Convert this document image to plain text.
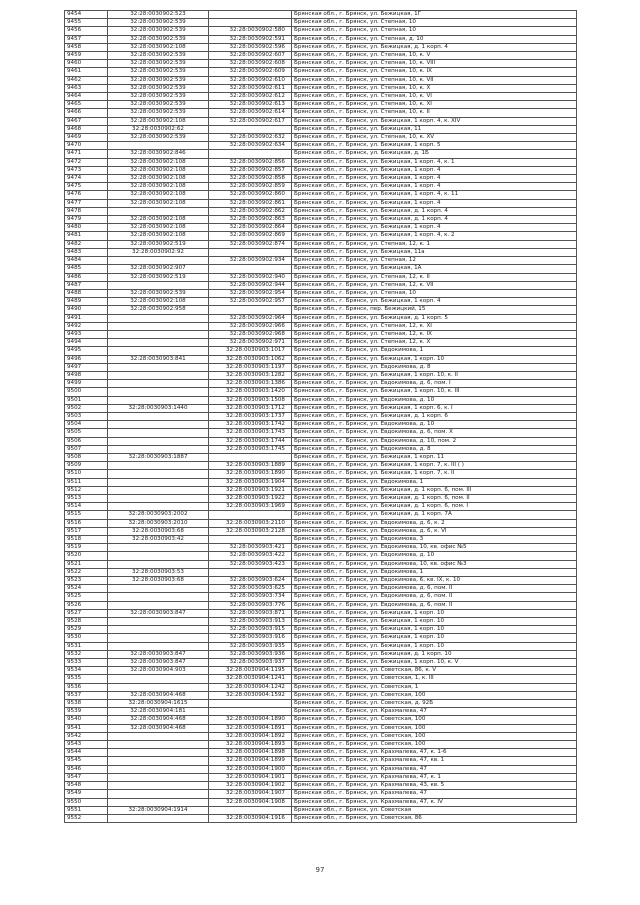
9454	32:28:0030902:523		Брянская обл., г. Брянск, ул. Бежицкая, 1Г
9455	32:28:0030902:539		Брянская обл., г. Брянск, ул. Степная, 10
9456	32:28:0030902:539	32:28:0030902:580	Брянская обл., г. Брянск, ул. Степная, 10
9457	32:28:0030902:539	32:28:0030902:591	Брянская обл., г. Брянск, ул. Степная, д. 10
9458	32:28:0030902:108	32:28:0030902:596	Брянская обл., г. Брянск, ул. Бежицкая, д. 1 корп. 4
9459	32:28:0030902:539	32:28:0030902:607	Брянская обл., г. Брянск, ул. Степная, 10, к. V
9460	32:28:0030902:539	32:28:0030902:608	Брянская обл., г. Брянск, ул. Степная, 10, к. VIII
9461	32:28:0030902:539	32:28:0030902:609	Брянская обл., г. Брянск, ул. Степная, 10, к. IX
9462	32:28:0030902:539	32:28:0030902:610	Брянская обл., г. Брянск, ул. Степная, 10, к. VII
9463	32:28:0030902:539	32:28:0030902:611	Брянская обл., г. Брянск, ул. Степная, 10, к. X
9464	32:28:0030902:539	32:28:0030902:612	Брянская обл., г. Брянск, ул. Степная, 10, к. VI
9465	32:28:0030902:539	32:28:0030902:613	Брянская обл., г. Брянск, ул. Степная, 10, к. XI
9466	32:28:0030902:539	32:28:0030902:614	Брянская обл., г. Брянск, ул. Степная, 10, к. II
9467	32:28:0030902:108	32:28:0030902:617	Брянская обл., г. Брянск, ул. Бежицкая, 1 корп. 4, к. XIV
9468	32:28:0030902:62		Брянская обл., г. Брянск, ул. Бежицкая, 11
9469	32:28:0030902:539	32:28:0030902:632	Брянская обл., г. Брянск, ул. Степная, 10, к. XV
9470		32:28:0030902:634	Брянская обл., г. Брянск, ул. Бежицкая, 1 корп. 5
9471	32:28:0030902:846		Брянская обл., г. Брянск, ул. Бежицкая, д. 1Б
9472	32:28:0030902:108	32:28:0030902:856	Брянская обл., г. Брянск, ул. Бежицкая, 1 корп. 4, к. 1
9473	32:28:0030902:108	32:28:0030902:857	Брянская обл., г. Брянск, ул. Бежицкая, 1 корп. 4
9474	32:28:0030902:108	32:28:0030902:858	Брянская обл., г. Брянск, ул. Бежицкая, 1 корп. 4
9475	32:28:0030902:108	32:28:0030902:859	Брянская обл., г. Брянск, ул. Бежицкая, 1 корп. 4
9476	32:28:0030902:108	32:28:0030902:860	Брянская обл., г. Брянск, ул. Бежицкая, 1 корп. 4, к. 11
9477	32:28:0030902:108	32:28:0030902:861	Брянская обл., г. Брянск, ул. Бежицкая, 1 корп. 4
9478		32:28:0030902:862	Брянская обл., г. Брянск, ул. Бежицкая, д. 1 корп. 4
9479	32:28:0030902:108	32:28:0030902:863	Брянская обл., г. Брянск, ул. Бежицкая, д. 1 корп. 4
9480	32:28:0030902:108	32:28:0030902:864	Брянская обл., г. Брянск, ул. Бежицкая, 1 корп. 4
9481	32:28:0030902:108	32:28:0030902:869	Брянская обл., г. Брянск, ул. Бежицкая, 1 корп. 4, к. 2
9482	32:28:0030902:519	32:28:0030902:874	Брянская обл., г. Брянск, ул. Степная, 12, к. 1
9483	32:28:0030902:92		Брянская обл., г. Брянск, ул. Бежицкая, 11а
9484		32:28:0030902:934	Брянская обл., г. Брянск, ул. Степная, 12
9485	32:28:0030902:907		Брянская обл., г. Брянск, ул. Бежицкая, 1А
9486	32:28:0030902:519	32:28:0030902:940	Брянская обл., г. Брянск, ул. Степная, 12, к. II
9487		32:28:0030902:944	Брянская обл., г. Брянск, ул. Степная, 12, к. VII
9488	32:28:0030902:539	32:28:0030902:954	Брянская обл., г. Брянск, ул. Степная, 10
9489	32:28:0030902:108	32:28:0030902:957	Брянская обл., г. Брянск, ул. Бежицкая, 1 корп. 4
9490	32:28:0030902:958		Брянская обл., г. Брянск, пер. Бежицкий, 15
9491		32:28:0030902:964	Брянская обл., г. Брянск, ул. Бежицкая, д. 1 корп. 5
9492		32:28:0030902:966	Брянская обл., г. Брянск, ул. Степная, 12, к. XI
9493		32:28:0030902:968	Брянская обл., г. Брянск, ул. Степная, 12, к. IX
9494		32:28:0030902:971	Брянская обл., г. Брянск, ул. Степная, 12, к. X
9495		32:28:0030903:1017	Брянская обл., г. Брянск, ул. Евдокимова, 1
9496	32:28:0030903:841	32:28:0030903:1062	Брянская обл., г. Брянск, ул. Бежицкая, 1 корп. 10
9497		32:28:0030903:1197	Брянская обл., г. Брянск, ул. Евдокимова, д. 8
9498		32:28:0030903:1282	Брянская обл., г. Брянск, ул. Бежицкая, 1 корп. 10, к. II
9499		32:28:0030903:1386	Брянская обл., г. Брянск, ул. Евдокимова, д. 6, пом. I
9500		32:28:0030903:1420	Брянская обл., г. Брянск, ул. Бежицкая, 1 корп. 10, к. III
9501		32:28:0030903:1508	Брянская обл., г. Брянск, ул. Евдокимова, д. 10
9502	32:28:0030903:1440	32:28:0030903:1712	Брянская обл., г. Брянск, ул. Бежицкая, 1 корп. 6, к. I
9503		32:28:0030903:1737	Брянская обл., г. Брянск, ул. Бежицкая, д. 1 корп. 6
9504		32:28:0030903:1742	Брянская обл., г. Брянск, ул. Евдокимова, д. 10
9505		32:28:0030903:1743	Брянская обл., г. Брянск, ул. Евдокимова, д. 6, пом. X
9506		32:28:0030903:1744	Брянская обл., г. Брянск, ул. Евдокимова, д. 10, пом. 2
9507		32:28:0030903:1745	Брянская обл., г. Брянск, ул. Евдокимова, д. 8
9508	32:28:0030903:1887		Брянская обл., г. Брянск, ул. Бежицкая, 1 корп. 11
9509		32:28:0030903:1889	Брянская обл., г. Брянск, ул. Бежицкая, 1 корп. 7, к. III ( )
9510		32:28:0030903:1890	Брянская обл., г. Брянск, ул. Бежицкая, 1 корп. 7, к. II
9511		32:28:0030903:1904	Брянская обл., г. Брянск, ул. Евдокимова, 1
9512		32:28:0030903:1921	Брянская обл., г. Брянск, ул. Бежицкая, д. 1 корп. 6, пом. III
9513		32:28:0030903:1922	Брянская обл., г. Брянск, ул. Бежицкая, д. 1 корп. 6, пом. II
9514		32:28:0030903:1969	Брянская обл., г. Брянск, ул. Бежицкая, д. 1 корп. 6, пом. I
9515	32:28:0030903:2002		Брянская обл., г. Брянск, ул. Бежицкая, д. 1 корп. 7А
9516	32:28:0030903:2010	32:28:0030903:2110	Брянская обл., г. Брянск, ул. Евдокимова, д. 6, к. 2
9517	32:28:0030903:68	32:28:0030903:2128	Брянская обл., г. Брянск, ул. Евдокимова, д. 6, к. VI
9518	32:28:0030903:42		Брянская обл., г. Брянск, ул. Евдокимова, 3
9519		32:28:0030903:421	Брянская обл., г. Брянск, ул. Евдокимова, 10, кв. офис №5
9520		32:28:0030903:422	Брянская обл., г. Брянск, ул. Евдокимова, д. 10
9521		32:28:0030903:423	Брянская обл., г. Брянск, ул. Евдокимова, 10, кв. офис №3
9522	32:28:0030903:53		Брянская обл., г. Брянск, ул. Евдокимова, 1
9523	32:28:0030903:68	32:28:0030903:624	Брянская обл., г. Брянск, ул. Евдокимова, 6, кв. IX, к. 10
9524		32:28:0030903:625	Брянская обл., г. Брянск, ул. Евдокимова, д. 6, пом. II
9525		32:28:0030903:734	Брянская обл., г. Брянск, ул. Евдокимова, д. 6, пом. II
9526		32:28:0030903:776	Брянская обл., г. Брянск, ул. Евдокимова, д. 6, пом. II
9527	32:28:0030903:847	32:28:0030903:871	Брянская обл., г. Брянск, ул. Бежицкая, 1 корп. 10
9528		32:28:0030903:913	Брянская обл., г. Брянск, ул. Бежицкая, 1 корп. 10
9529		32:28:0030903:915	Брянская обл., г. Брянск, ул. Бежицкая, 1 корп. 10
9530		32:28:0030903:916	Брянская обл., г. Брянск, ул. Бежицкая, 1 корп. 10
9531		32:28:0030903:935	Брянская обл., г. Брянск, ул. Бежицкая, 1 корп. 10
9532	32:28:0030903:847	32:28:0030903:936	Брянская обл., г. Брянск, ул. Бежицкая, д. 1 корп. 10
9533	32:28:0030903:847	32:28:0030903:937	Брянская обл., г. Брянск, ул. Бежицкая, 1 корп. 10, к. V
9534	32:28:0030904:903	32:28:0030904:1195	Брянская обл., г. Брянск, ул. Советская, 86, к. V
9535		32:28:0030904:1241	Брянская обл., г. Брянск, ул. Советская, 1, к. III
9536		32:28:0030904:1242	Брянская обл., г. Брянск, ул. Советская, 1
9537	32:28:0030904:468	32:28:0030904:1592	Брянская обл., г. Брянск, ул. Советская, 100
9538	32:28:0030904:1615		Брянская обл., г. Брянск, ул. Советская, д. 92Б
9539	32:28:0030904:181		Брянская обл., г. Брянск, ул. Крахмалева, 47
9540	32:28:0030904:468	32:28:0030904:1890	Брянская обл., г. Брянск, ул. Советская, 100
9541	32:28:0030904:468	32:28:0030904:1891	Брянская обл., г. Брянск, ул. Советская, 100
9542		32:28:0030904:1892	Брянская обл., г. Брянск, ул. Советская, 100
9543		32:28:0030904:1893	Брянская обл., г. Брянск, ул. Советская, 100
9544		32:28:0030904:1898	Брянская обл., г. Брянск, ул. Крахмалева, 47, к. 1-6
9545		32:28:0030904:1899	Брянская обл., г. Брянск, ул. Крахмалева, 47, кв. 1
9546		32:28:0030904:1900	Брянская обл., г. Брянск, ул. Крахмалева, 47
9547		32:28:0030904:1901	Брянская обл., г. Брянск, ул. Крахмалева, 47, к. 1
9548		32:28:0030904:1902	Брянская обл., г. Брянск, ул. Крахмалева, 43, кв. 5
9549		32:28:0030904:1907	Брянская обл., г. Брянск, ул. Крахмалева, 47
9550		32:28:0030904:1908	Брянская обл., г. Брянск, ул. Крахмалева, 47, к. IV
9551	32:28:0030904:1914		Брянская обл., г. Брянск, ул. Советская
9552		32:28:0030904:1916	Брянская обл., г. Брянск, ул. Советская, 86
97
